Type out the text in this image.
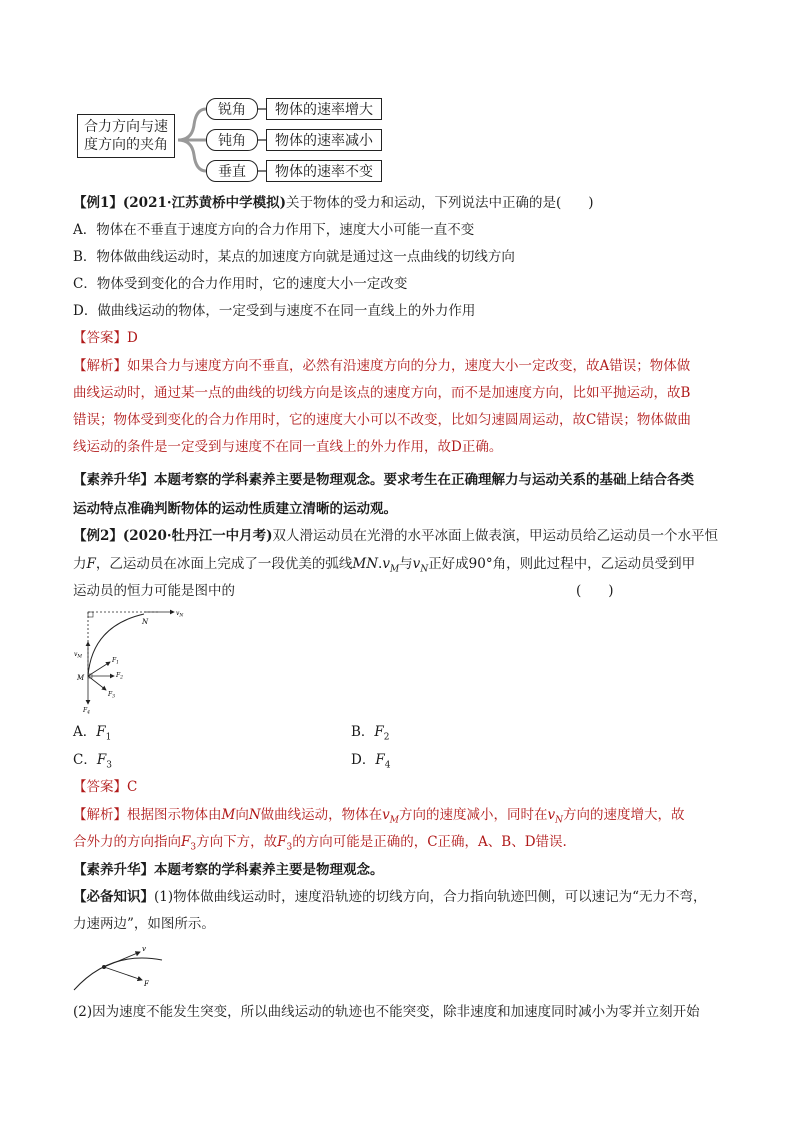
合力方向与速
度方向的夹角
锐角
钝角
垂直
物体的速率增大
物体的速率减小
物体的速率不变
【例1】(2021·江苏黄桥中学模拟)关于物体的受力和运动，下列说法中正确的是(　　)
A．物体在不垂直于速度方向的合力作用下，速度大小可能一直不变
B．物体做曲线运动时，某点的加速度方向就是通过这一点曲线的切线方向
C．物体受到变化的合力作用时，它的速度大小一定改变
D．做曲线运动的物体，一定受到与速度不在同一直线上的外力作用
【答案】D
【解析】如果合力与速度方向不垂直，必然有沿速度方向的分力，速度大小一定改变，故A错误；物体做
曲线运动时，通过某一点的曲线的切线方向是该点的速度方向，而不是加速度方向，比如平抛运动，故B
错误；物体受到变化的合力作用时，它的速度大小可以不改变，比如匀速圆周运动，故C错误；物体做曲
线运动的条件是一定受到与速度不在同一直线上的外力作用，故D正确。
【素养升华】本题考察的学科素养主要是物理观念。要求考生在正确理解力与运动关系的基础上结合各类
运动特点准确判断物体的运动性质建立清晰的运动观。
【例2】(2020·牡丹江一中月考)双人滑运动员在光滑的水平冰面上做表演，甲运动员给乙运动员一个水平恒
力F，乙运动员在冰面上完成了一段优美的弧线$MN.v_M$与$v_N$正好成90°角，则此过程中，乙运动员受到甲
运动员的恒力可能是图中的	(　　)
$v_N$
N
$v_M$
M
$F_1$
$F_2$
$F_3$
$F_4$
A．$F_1$	B．$F_2$
C．$F_3$	D．$F_4$
【答案】C
【解析】根据图示物体由M向N做曲线运动，物体在$v_M$方向的速度减小，同时在$v_N$方向的速度增大，故
合外力的方向指向$F_3$方向下方，故$F_3$的方向可能是正确的，C正确，A、B、D错误.
【素养升华】本题考察的学科素养主要是物理观念。
【必备知识】(1)物体做曲线运动时，速度沿轨迹的切线方向，合力指向轨迹凹侧，可以速记为“无力不弯，
力速两边”，如图所示。
v
F
(2)因为速度不能发生突变，所以曲线运动的轨迹也不能突变，除非速度和加速度同时减小为零并立刻开始
